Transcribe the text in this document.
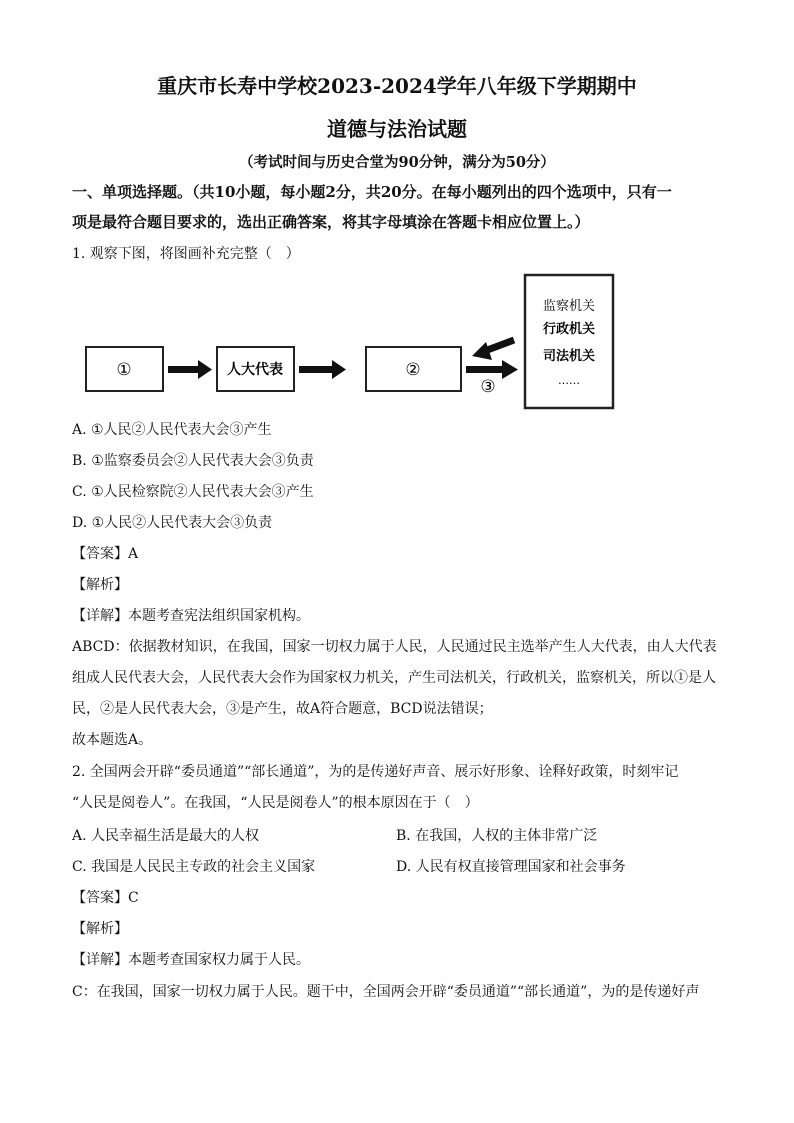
重庆市长寿中学校2023-2024学年八年级下学期期中
道德与法治试题
（考试时间与历史合堂为90分钟，满分为50分）
一、单项选择题。（共10小题，每小题2分，共20分。在每小题列出的四个选项中，只有一
项是最符合题目要求的，选出正确答案，将其字母填涂在答题卡相应位置上。）
1. 观察下图，将图画补充完整（　）
①	人大代表	②
③
监察机关
行政机关
司法机关
……
A. ①人民②人民代表大会③产生
B. ①监察委员会②人民代表大会③负责
C. ①人民检察院②人民代表大会③产生
D. ①人民②人民代表大会③负责
【答案】A
【解析】
【详解】本题考查宪法组织国家机构。
ABCD：依据教材知识，在我国，国家一切权力属于人民，人民通过民主选举产生人大代表，由人大代表
组成人民代表大会，人民代表大会作为国家权力机关，产生司法机关，行政机关，监察机关，所以①是人
民，②是人民代表大会，③是产生，故A符合题意，BCD说法错误；
故本题选A。
2. 全国两会开辟“委员通道”“部长通道”，为的是传递好声音、展示好形象、诠释好政策，时刻牢记
“人民是阅卷人”。在我国，“人民是阅卷人”的根本原因在于（　）
A. 人民幸福生活是最大的人权	B. 在我国，人权的主体非常广泛
C. 我国是人民民主专政的社会主义国家	D. 人民有权直接管理国家和社会事务
【答案】C
【解析】
【详解】本题考查国家权力属于人民。
C：在我国，国家一切权力属于人民。题干中，全国两会开辟“委员通道”“部长通道”，为的是传递好声
